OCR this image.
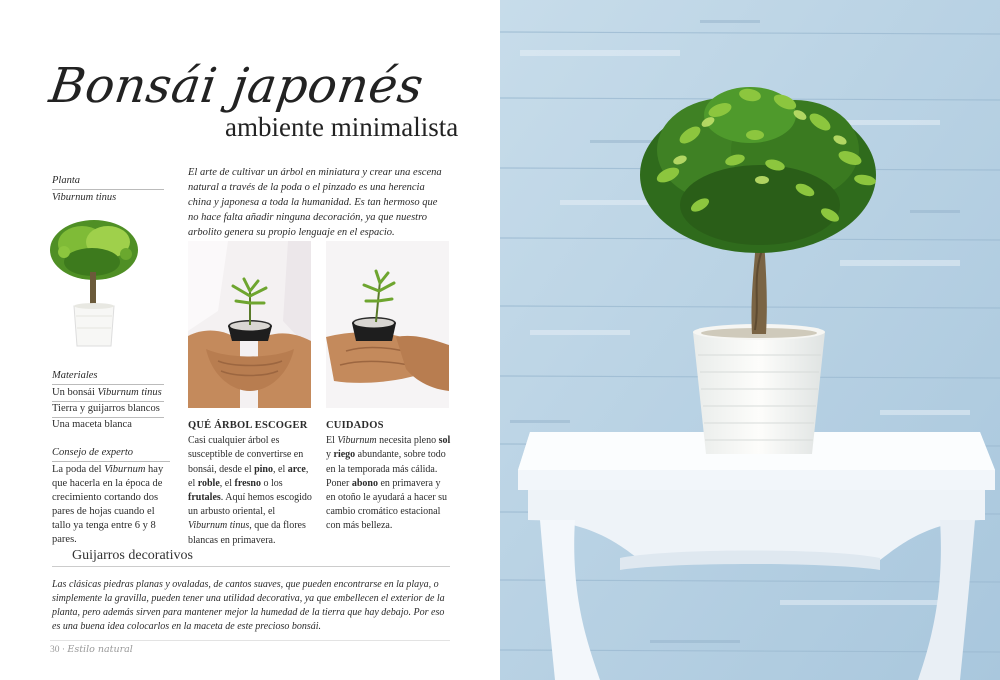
Bonsái japonés
ambiente minimalista
Planta
Viburnum tinus
Materiales
Un bonsái Viburnum tinus
Tierra y guijarros blancos
Una maceta blanca
Consejo de experto
La poda del Viburnum hay que hacerla en la época de crecimiento cortando dos pares de hojas cuando el tallo ya tenga entre 6 y 8 pares.
El arte de cultivar un árbol en miniatura y crear una escena natural a través de la poda o el pinzado es una herencia china y japonesa a toda la humanidad. Es tan hermoso que no hace falta añadir ninguna decoración, ya que nuestro arbolito genera su propio lenguaje en el espacio.
QUÉ ÁRBOL ESCOGER

Casi cualquier árbol es susceptible de convertirse en bonsái, desde el pino, el arce, el roble, el fresno o los frutales. Aquí hemos escogido un arbusto oriental, el Viburnum tinus, que da flores blancas en primavera.

CUIDADOS

El Viburnum necesita pleno sol y riego abundante, sobre todo en la temporada más cálida. Poner abono en primavera y en otoño le ayudará a hacer su cambio cromático estacional con más belleza.

Guijarros decorativos
Las clásicas piedras planas y ovaladas, de cantos suaves, que pueden encontrarse en la playa, o simplemente la gravilla, pueden tener una utilidad decorativa, ya que embellecen el exterior de la planta, pero además sirven para mantener mejor la humedad de la tierra que hay debajo. Por eso es una buena idea colocarlos en la maceta de este precioso bonsái.
30 · Estilo natural
